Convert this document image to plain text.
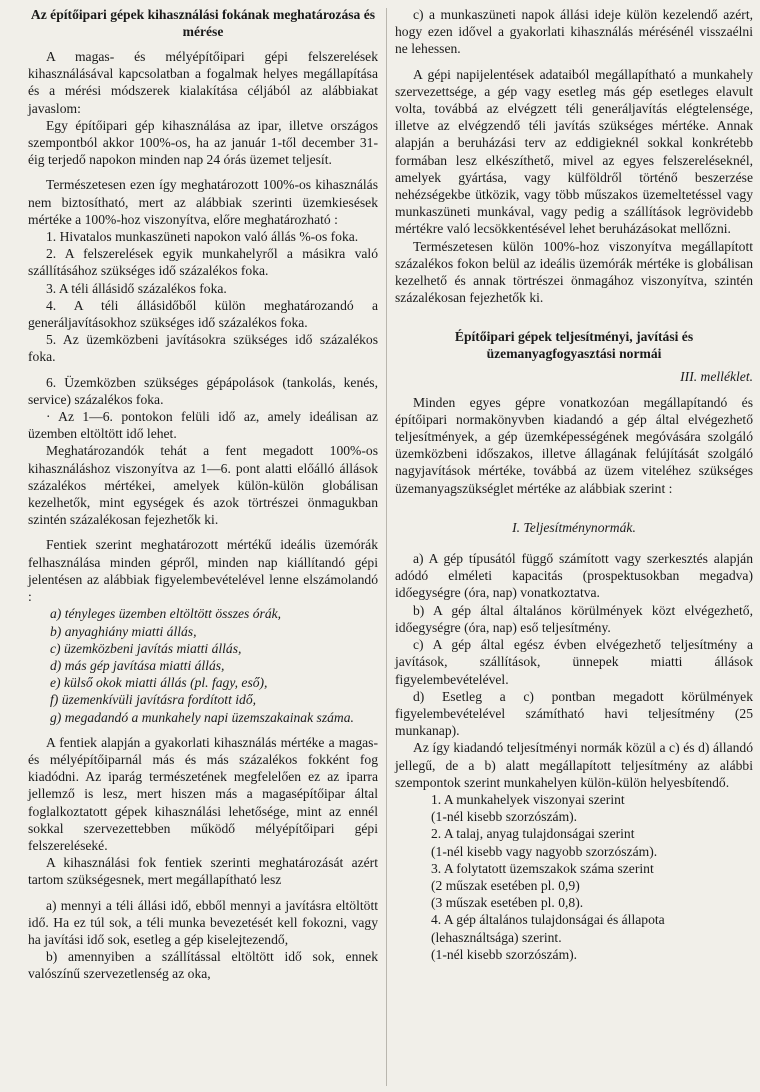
Az építőipari gépek kihasználási fokának meghatározása és mérése

A magas- és mélyépítőipari gépi felszerelések kihasználásával kapcsolatban a fogalmak helyes megállapítása és a mérési módszerek kialakítása céljából az alábbiakat javaslom:

Egy építőipari gép kihasználása az ipar, illetve országos szempontból akkor 100%-os, ha az január 1-től december 31-éig terjedő napokon minden nap 24 órás üzemet teljesít.

Természetesen ezen így meghatározott 100%-os kihasználás nem biztosítható, mert az alábbiak szerinti üzemkiesések mértéke a 100%-hoz viszonyítva, előre meghatározható :

1. Hivatalos munkaszüneti napokon való állás %-os foka.

2. A felszerelések egyik munkahelyről a másikra való szállításához szükséges idő százalékos foka.

3. A téli állásidő százalékos foka.

4. A téli állásidőből külön meghatározandó a generáljavításokhoz szükséges idő százalékos foka.

5. Az üzemközbeni javításokra szükséges idő százalékos foka.

6. Üzemközben szükséges gépápolások (tankolás, kenés, service) százalékos foka.

· Az 1—6. pontokon felüli idő az, amely ideálisan az üzemben eltöltött idő lehet.

Meghatározandók tehát a fent megadott 100%-os kihasználáshoz viszonyítva az 1—6. pont alatti előálló állások százalékos mértékei, amelyek külön-külön globálisan kezelhetők, mint egységek és azok törtrészei önmagukban szintén százalékosan fejezhetők ki.

Fentiek szerint meghatározott mértékű ideális üzemórák felhasználása minden gépről, minden nap kiállítandó gépi jelentésen az alábbiak figyelembevételével lenne elszámolandó :

a) tényleges üzemben eltöltött összes órák,

b) anyaghiány miatti állás,

c) üzemközbeni javítás miatti állás,

d) más gép javítása miatti állás,

e) külső okok miatti állás (pl. fagy, eső),

f) üzemenkívüli javításra fordított idő,

g) megadandó a munkahely napi üzemszakainak száma.

A fentiek alapján a gyakorlati kihasználás mértéke a magas- és mélyépítőiparnál más és más százalékos fokként fog kiadódni. Az iparág természetének megfelelően ez az iparra jellemző is lesz, mert hiszen más a magasépítőipar által foglalkoztatott gépek kihasználási lehetősége, mint az ennél sokkal szervezettebben működő mélyépítőipari gépi felszereléseké.

A kihasználási fok fentiek szerinti meghatározását azért tartom szükségesnek, mert megállapítható lesz

a) mennyi a téli állási idő, ebből mennyi a javításra eltöltött idő. Ha ez túl sok, a téli munka bevezetését kell fokozni, vagy ha javítási idő sok, esetleg a gép kiselejtezendő,

b) amennyiben a szállítással eltöltött idő sok, ennek valószínű szervezetlenség az oka,

c) a munkaszüneti napok állási ideje külön kezelendő azért, hogy ezen idővel a gyakorlati kihasználás mérésénél visszaélni ne lehessen.

A gépi napijelentések adataiból megállapítható a munkahely szervezettsége, a gép vagy esetleg más gép esetleges elavult volta, továbbá az elvégzett téli generáljavítás elégtelensége, illetve az elvégzendő téli javítás szükséges mértéke. Annak alapján a beruházási terv az eddigieknél sokkal konkrétebb formában lesz elkészíthető, mivel az egyes felszereléseknél, amelyek gyártása, vagy külföldről történő beszerzése nehézségekbe ütközik, vagy több műszakos üzemeltetéssel vagy munkaszüneti munkával, vagy pedig a szállítások legrövidebb mértékre való lecsökkentésével lehet beruházásokat mellőzni.

Természetesen külön 100%-hoz viszonyítva megállapított százalékos fokon belül az ideális üzemórák mértéke is globálisan kezelhető és annak törtrészei önmagához viszonyítva, szintén százalékosan fejezhetők ki.

Építőipari gépek teljesítményi, javítási és üzemanyagfogyasztási normái
III. melléklet.

Minden egyes gépre vonatkozóan megállapítandó és építőipari normakönyvben kiadandó a gép által elvégezhető teljesítmények, a gép üzemképességének megóvására szolgáló üzemközbeni időszakos, illetve állagának felújítását szolgáló nagyjavítások mértéke, továbbá az üzem viteléhez szükséges üzemanyagszükséglet mértéke az alábbiak szerint :

I. Teljesítménynormák.

a) A gép típusától függő számított vagy szerkesztés alapján adódó elméleti kapacitás (prospektusokban megadva) időegységre (óra, nap) vonatkoztatva.

b) A gép által általános körülmények közt elvégezhető, időegységre (óra, nap) eső teljesítmény.

c) A gép által egész évben elvégezhető teljesítmény a javítások, szállítások, ünnepek miatti állások figyelembevételével.

d) Esetleg a c) pontban megadott körülmények figyelembevételével számítható havi teljesítmény (25 munkanap).

Az így kiadandó teljesítményi normák közül a c) és d) állandó jellegű, de a b) alatt megállapított teljesítmény az alábbi szempontok szerint munkahelyen külön-külön helyesbítendő.

1. A munkahelyek viszonyai szerint

(1-nél kisebb szorzószám).

2. A talaj, anyag tulajdonságai szerint

(1-nél kisebb vagy nagyobb szorzószám).

3. A folytatott üzemszakok száma szerint

(2 műszak esetében pl. 0,9)

(3 műszak esetében pl. 0,8).

4. A gép általános tulajdonságai és állapota (lehasználtsága) szerint.

(1-nél kisebb szorzószám).
